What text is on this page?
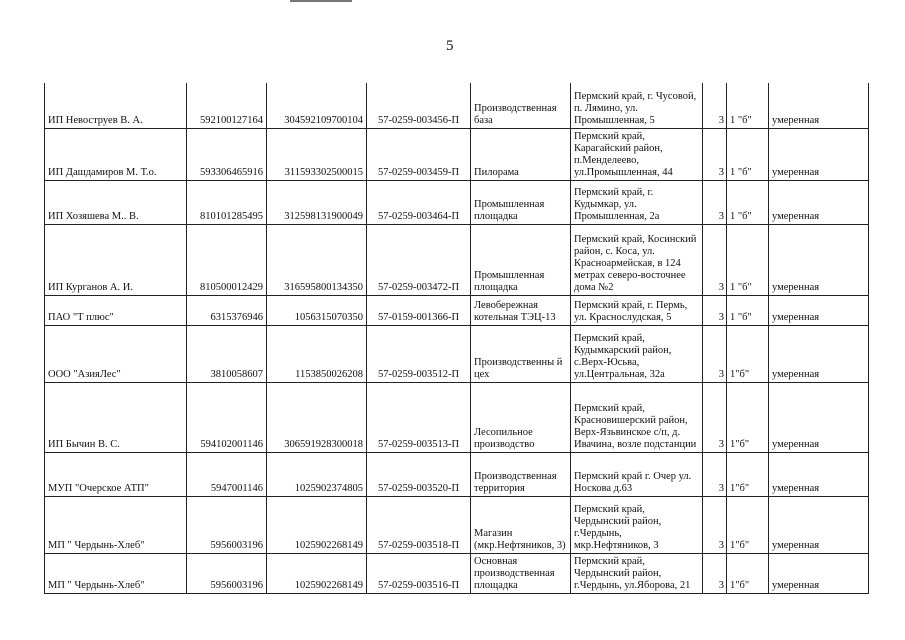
5
ИП Невоструев В. А.	592100127164	304592109700104	57-0259-003456-П	Производственная база	Пермский край, г. Чусовой, п. Лямино, ул. Промышленная, 5	3	1 "б"	умеренная
ИП Дашдамиров М. Т.о.	593306465916	311593302500015	57-0259-003459-П	Пилорама	Пермский край, Карагайский район, п.Менделеево, ул.Промышленная, 44	3	1 "б"	умеренная
ИП Хозяшева М.. В.	810101285495	312598131900049	57-0259-003464-П	Промышленная площадка	Пермский край, г. Кудымкар, ул. Промышленная, 2а	3	1 "б"	умеренная
ИП Курганов А. И.	810500012429	316595800134350	57-0259-003472-П	Промышленная площадка	Пермский край, Косинский район, с. Коса, ул. Красноармейская, в 124 метрах северо-восточнее дома №2	3	1 "б"	умеренная
ПАО "Т плюс"	6315376946	1056315070350	57-0159-001366-П	Левобережная котельная ТЭЦ-13	Пермский край, г. Пермь, ул. Краснослудская, 5	3	1 "б"	умеренная
ООО "АзияЛес"	3810058607	1153850026208	57-0259-003512-П	Производственны й цех	Пермский край, Кудымкарский район, с.Верх-Юсьва, ул.Центральная, 32а	3	1"б"	умеренная
ИП Бычин В. С.	594102001146	306591928300018	57-0259-003513-П	Лесопильное производство	Пермский край, Красновишерский район, Верх-Язьвинское с/п, д. Ивачина, возле подстанции	3	1"б"	умеренная
МУП "Очерское АТП"	5947001146	1025902374805	57-0259-003520-П	Производственная территория	Пермский край г. Очер ул. Носкова д.63	3	1"б"	умеренная
МП " Чердынь-Хлеб"	5956003196	1025902268149	57-0259-003518-П	Магазин (мкр.Нефтяников, 3)	Пермский край, Чердынский район, г.Чердынь, мкр.Нефтяников, 3	3	1"б"	умеренная
МП " Чердынь-Хлеб"	5956003196	1025902268149	57-0259-003516-П	Основная производственная площадка	Пермский край, Чердынский район, г.Чердынь, ул.Яборова, 21	3	1"б"	умеренная
